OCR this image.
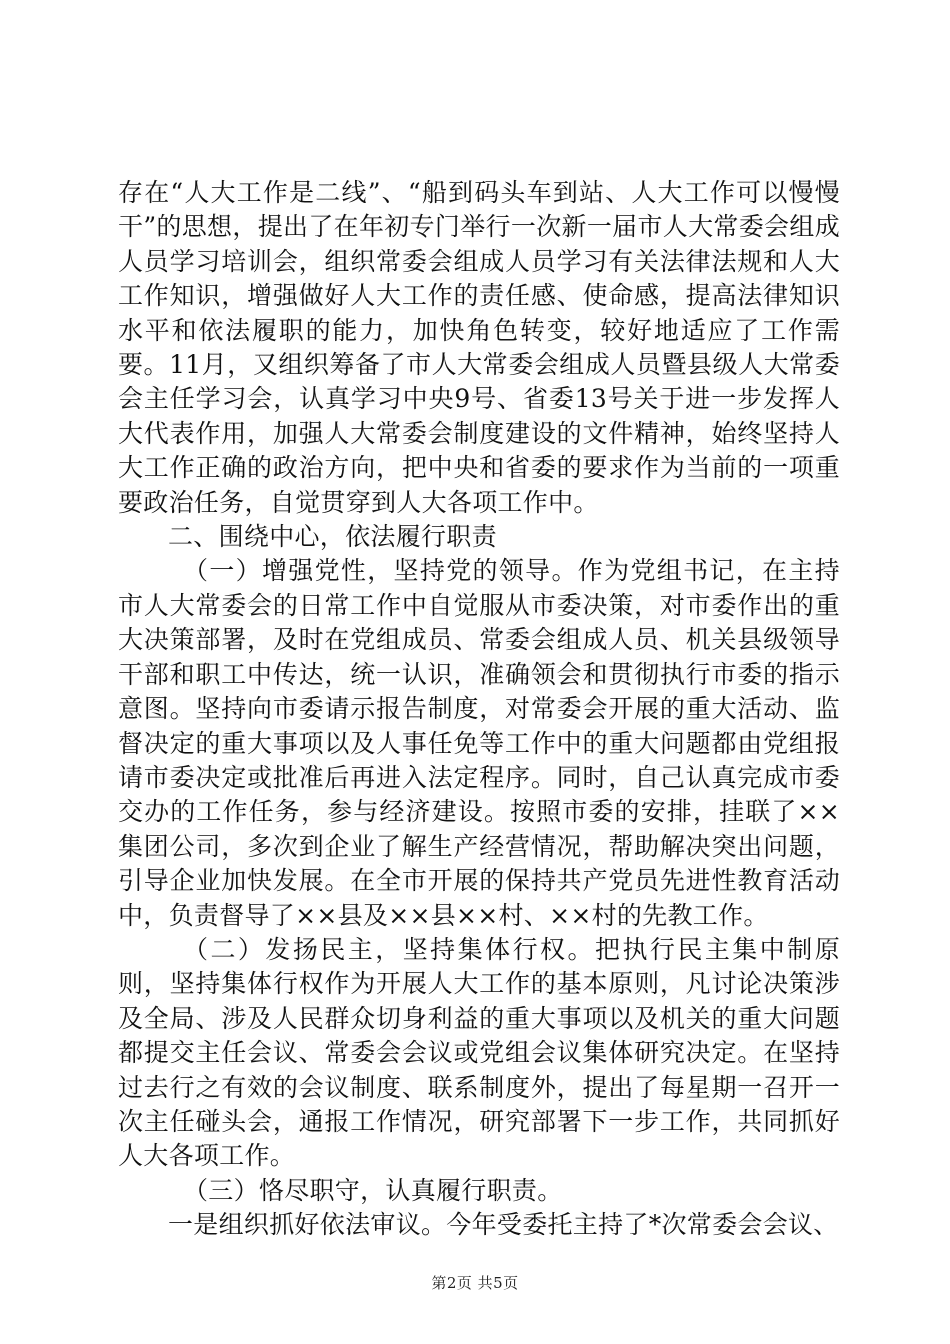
存在“人大工作是二线”、“船到码头车到站、人大工作可以慢慢干”的思想，提出了在年初专门举行一次新一届市人大常委会组成人员学习培训会，组织常委会组成人员学习有关法律法规和人大工作知识，增强做好人大工作的责任感、使命感，提高法律知识水平和依法履职的能力，加快角色转变，较好地适应了工作需要。11月，又组织筹备了市人大常委会组成人员暨县级人大常委会主任学习会，认真学习中央9号、省委13号关于进一步发挥人大代表作用，加强人大常委会制度建设的文件精神，始终坚持人大工作正确的政治方向，把中央和省委的要求作为当前的一项重要政治任务，自觉贯穿到人大各项工作中。

二、围绕中心，依法履行职责

（一）增强党性，坚持党的领导。作为党组书记，在主持市人大常委会的日常工作中自觉服从市委决策，对市委作出的重大决策部署，及时在党组成员、常委会组成人员、机关县级领导干部和职工中传达，统一认识，准确领会和贯彻执行市委的指示意图。坚持向市委请示报告制度，对常委会开展的重大活动、监督决定的重大事项以及人事任免等工作中的重大问题都由党组报请市委决定或批准后再进入法定程序。同时，自己认真完成市委交办的工作任务，参与经济建设。按照市委的安排，挂联了××集团公司，多次到企业了解生产经营情况，帮助解决突出问题，引导企业加快发展。在全市开展的保持共产党员先进性教育活动中，负责督导了××县及××县××村、××村的先教工作。

（二）发扬民主，坚持集体行权。把执行民主集中制原则，坚持集体行权作为开展人大工作的基本原则，凡讨论决策涉及全局、涉及人民群众切身利益的重大事项以及机关的重大问题都提交主任会议、常委会会议或党组会议集体研究决定。在坚持过去行之有效的会议制度、联系制度外，提出了每星期一召开一次主任碰头会，通报工作情况，研究部署下一步工作，共同抓好人大各项工作。

（三）恪尽职守，认真履行职责。

一是组织抓好依法审议。今年受委托主持了*次常委会会议、

第2页 共5页
